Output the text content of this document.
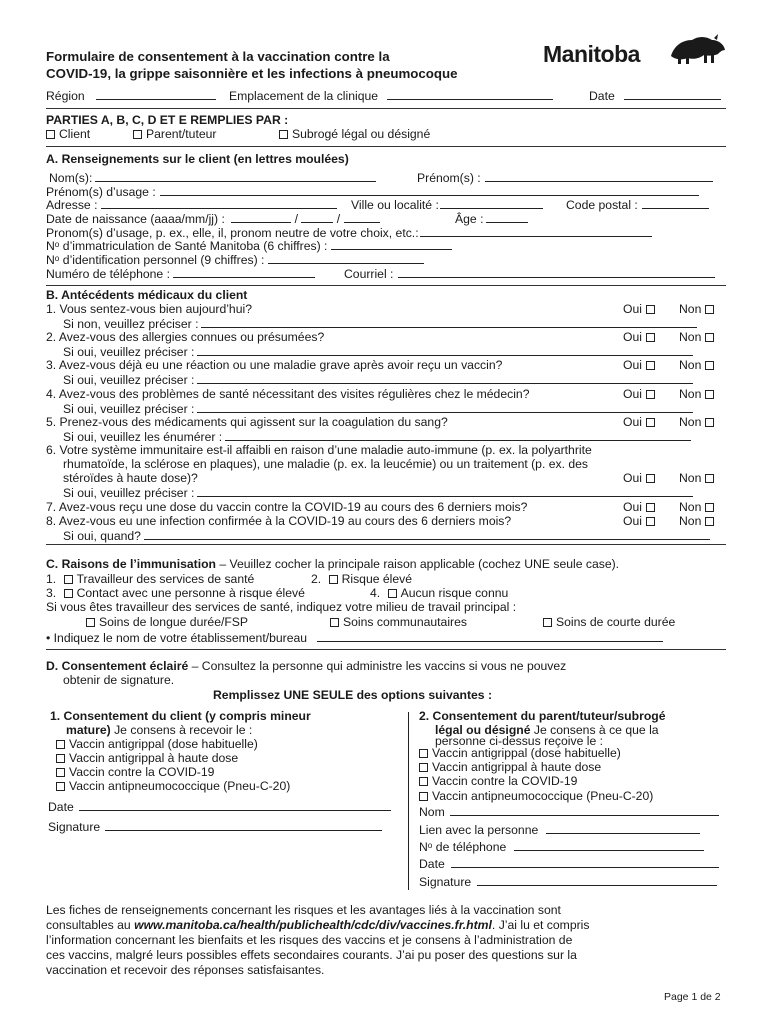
Formulaire de consentement à la vaccination contre la
COVID-19, la grippe saisonnière et les infections à pneumocoque
Manitoba
Région	Emplacement de la clinique	Date
PARTIES A, B, C, D ET E REMPLIES PAR :
Client	Parent/tuteur	Subrogé légal ou désigné
A. Renseignements sur le client (en lettres moulées)
Nom(s):	Prénom(s) :
Prénom(s) d’usage :
Adresse :	Ville ou localité :	Code postal :
Date de naissance (aaaa/mm/jj) :	/	/	Âge :
Pronom(s) d’usage, p. ex., elle, il, pronom neutre de votre choix, etc.:
Nᵒ d’immatriculation de Santé Manitoba (6 chiffres) :
Nᵒ d’identification personnel (9 chiffres) :
Numéro de téléphone :	Courriel :
B. Antécédents médicaux du client
1. Vous sentez-vous bien aujourd’hui?	Oui	Non
Si non, veuillez préciser :
2. Avez-vous des allergies connues ou présumées?	Oui	Non
Si oui, veuillez préciser :
3. Avez-vous déjà eu une réaction ou une maladie grave après avoir reçu un vaccin?	Oui	Non
Si oui, veuillez préciser :
4. Avez-vous des problèmes de santé nécessitant des visites régulières chez le médecin?	Oui	Non
Si oui, veuillez préciser :
5. Prenez-vous des médicaments qui agissent sur la coagulation du sang?	Oui	Non
Si oui, veuillez les énumérer :
6. Votre système immunitaire est-il affaibli en raison d’une maladie auto-immune (p. ex. la polyarthrite
rhumatoïde, la sclérose en plaques), une maladie (p. ex. la leucémie) ou un traitement (p. ex. des
stéroïdes à haute dose)?	Oui	Non
Si oui, veuillez préciser :
7. Avez-vous reçu une dose du vaccin contre la COVID-19 au cours des 6 derniers mois?	Oui	Non
8. Avez-vous eu une infection confirmée à la COVID-19 au cours des 6 derniers mois?	Oui	Non
Si oui, quand?
C. Raisons de l’immunisation – Veuillez cocher la principale raison applicable (cochez UNE seule case).
1. Travailleur des services de santé	2. Risque élevé
3. Contact avec une personne à risque élevé	4. Aucun risque connu
Si vous êtes travailleur des services de santé, indiquez votre milieu de travail principal :
Soins de longue durée/FSP	Soins communautaires	Soins de courte durée
• Indiquez le nom de votre établissement/bureau
D. Consentement éclairé – Consultez la personne qui administre les vaccins si vous ne pouvez
obtenir de signature.
Remplissez UNE SEULE des options suivantes :
1. Consentement du client (y compris mineur
mature) Je consens à recevoir le :
Vaccin antigrippal (dose habituelle)
Vaccin antigrippal à haute dose
Vaccin contre la COVID-19
Vaccin antipneumococcique (Pneu-C-20)
Date
Signature
2. Consentement du parent/tuteur/subrogé
légal ou désigné Je consens à ce que la
personne ci-dessus reçoive le :
Vaccin antigrippal (dose habituelle)
Vaccin antigrippal à haute dose
Vaccin contre la COVID-19
Vaccin antipneumococcique (Pneu-C-20)
Nom
Lien avec la personne
Nᵒ de téléphone
Date
Signature
Les fiches de renseignements concernant les risques et les avantages liés à la vaccination sont
consultables au www.manitoba.ca/health/publichealth/cdc/div/vaccines.fr.html. J’ai lu et compris
l’information concernant les bienfaits et les risques des vaccins et je consens à l’administration de
ces vaccins, malgré leurs possibles effets secondaires courants. J’ai pu poser des questions sur la
vaccination et recevoir des réponses satisfaisantes.
Page 1 de 2
